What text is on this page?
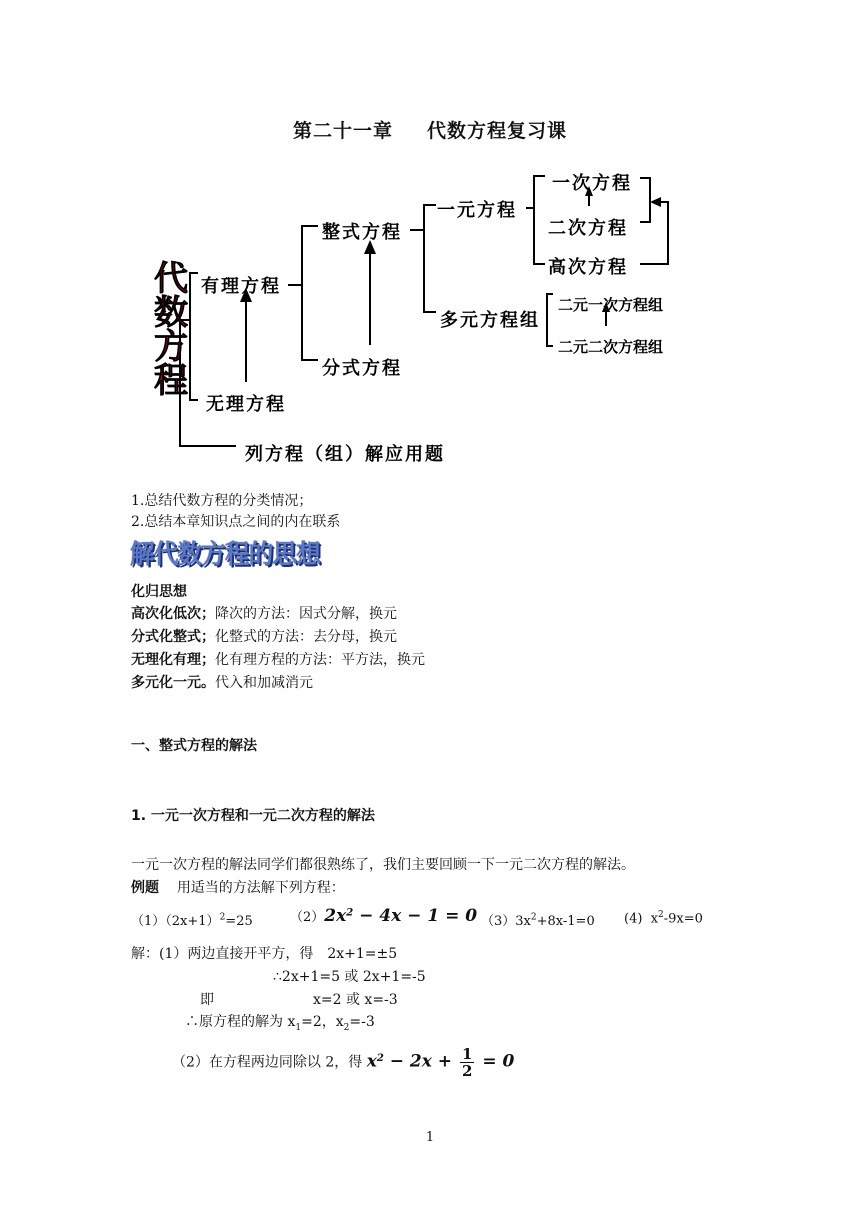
第二十一章 代数方程复习课
代
数
方
程
有理方程
无理方程
列方程（组）解应用题
整式方程
分式方程
一元方程
多元方程组
一次方程
二次方程
高次方程
二元一次方程组
二元二次方程组
1.总结代数方程的分类情况；
2.总结本章知识点之间的内在联系
解代数方程的思想
化归思想
高次化低次；降次的方法：因式分解，换元
分式化整式；化整式的方法：去分母，换元
无理化有理；化有理方程的方法：平方法，换元
多元化一元。代入和加减消元
一、整式方程的解法
1. 一元一次方程和一元二次方程的解法
一元一次方程的解法同学们都很熟练了，我们主要回顾一下一元二次方程的解法。
例题 用适当的方法解下列方程：
$(1)(2x+1)^2=25$	$(2)2x^2 - 4x - 1 = 0$ $(3)3x^2+8x-1=0$ (4) $x^2-9x=0$
解：(1）两边直接开平方，得　2x+1=±5
∴2x+1=5 或 2x+1=-5
即	x=2 或 x=-3
∴原方程的解为 $x_1=2$，$x_2=-3$
（2）在方程两边同除以 2，得 $x^2 - 2x + \frac{1}{2} = 0$
1
